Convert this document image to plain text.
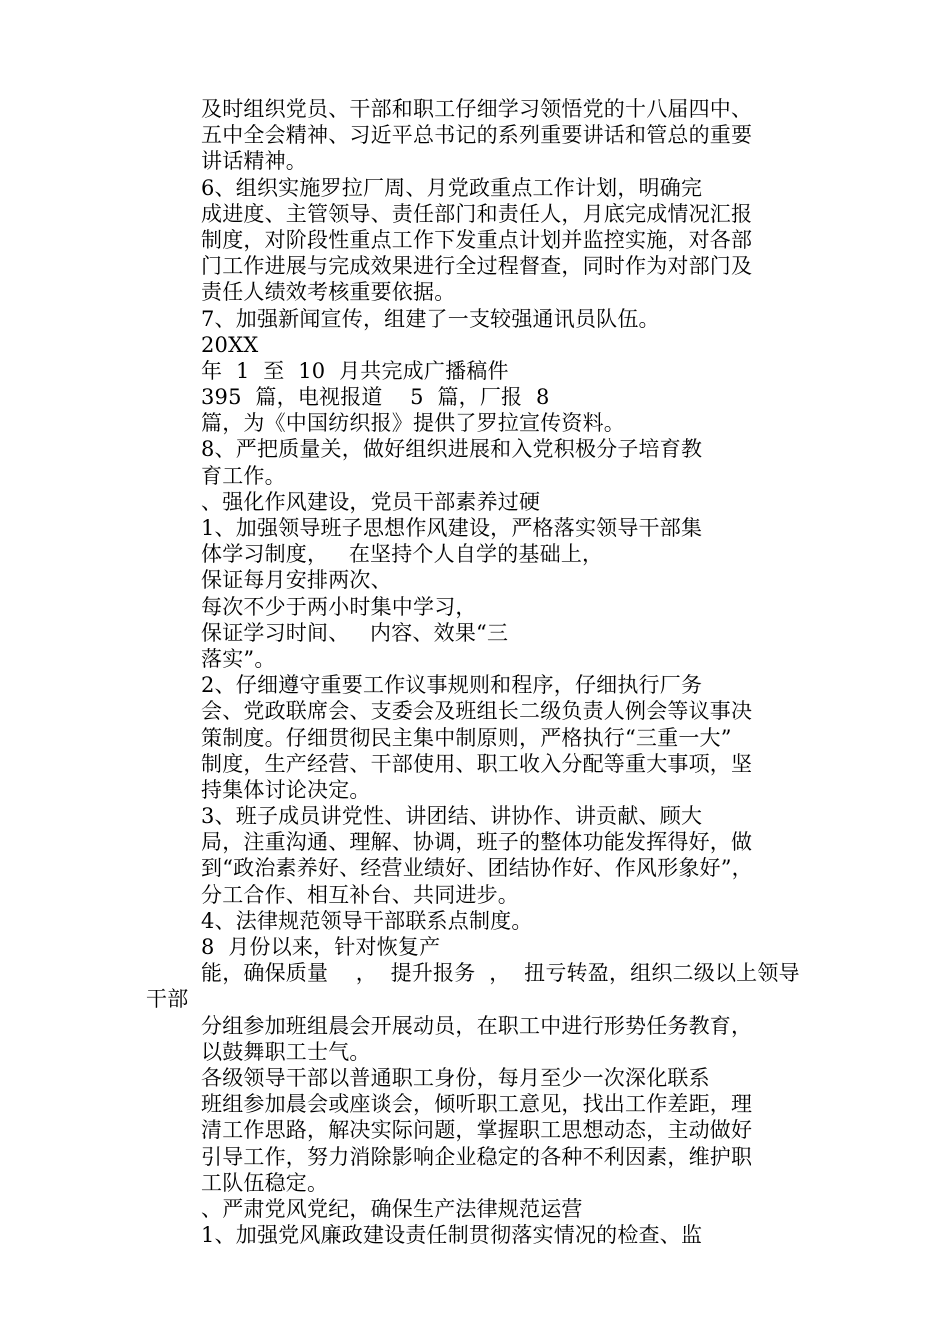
及时组织党员、干部和职工仔细学习领悟党的十八届四中、
五中全会精神、习近平总书记的系列重要讲话和管总的重要
讲话精神。
6、组织实施罗拉厂周、月党政重点工作计划，明确完
成进度、主管领导、责任部门和责任人，月底完成情况汇报
制度，对阶段性重点工作下发重点计划并监控实施，对各部
门工作进展与完成效果进行全过程督查，同时作为对部门及
责任人绩效考核重要依据。
7、加强新闻宣传，组建了一支较强通讯员队伍。
20XX
年  1  至  10  月共完成广播稿件
395  篇，电视报道    5  篇，厂报  8
篇，为《中国纺织报》提供了罗拉宣传资料。
8、严把质量关，做好组织进展和入党积极分子培育教
育工作。
、强化作风建设，党员干部素养过硬
1、加强领导班子思想作风建设，严格落实领导干部集
体学习制度，   在坚持个人自学的基础上，
保证每月安排两次、
每次不少于两小时集中学习，
保证学习时间、   内容、效果“三
落实”。
2、仔细遵守重要工作议事规则和程序，仔细执行厂务
会、党政联席会、支委会及班组长二级负责人例会等议事决
策制度。仔细贯彻民主集中制原则，严格执行“三重一大”
制度，生产经营、干部使用、职工收入分配等重大事项，坚
持集体讨论决定。
3、班子成员讲党性、讲团结、讲协作、讲贡献、顾大
局，注重沟通、理解、协调，班子的整体功能发挥得好，做
到“政治素养好、经营业绩好、团结协作好、作风形象好”，
分工合作、相互补台、共同进步。
4、法律规范领导干部联系点制度。
8  月份以来，针对恢复产
能，确保质量    ，  提升报务  ，  扭亏转盈，组织二级以上领导
干部
分组参加班组晨会开展动员，在职工中进行形势任务教育，
以鼓舞职工士气。
各级领导干部以普通职工身份，每月至少一次深化联系
班组参加晨会或座谈会，倾听职工意见，找出工作差距，理
清工作思路，解决实际问题，掌握职工思想动态，主动做好
引导工作，努力消除影响企业稳定的各种不利因素，维护职
工队伍稳定。
、严肃党风党纪，确保生产法律规范运营
1、加强党风廉政建设责任制贯彻落实情况的检查、监
